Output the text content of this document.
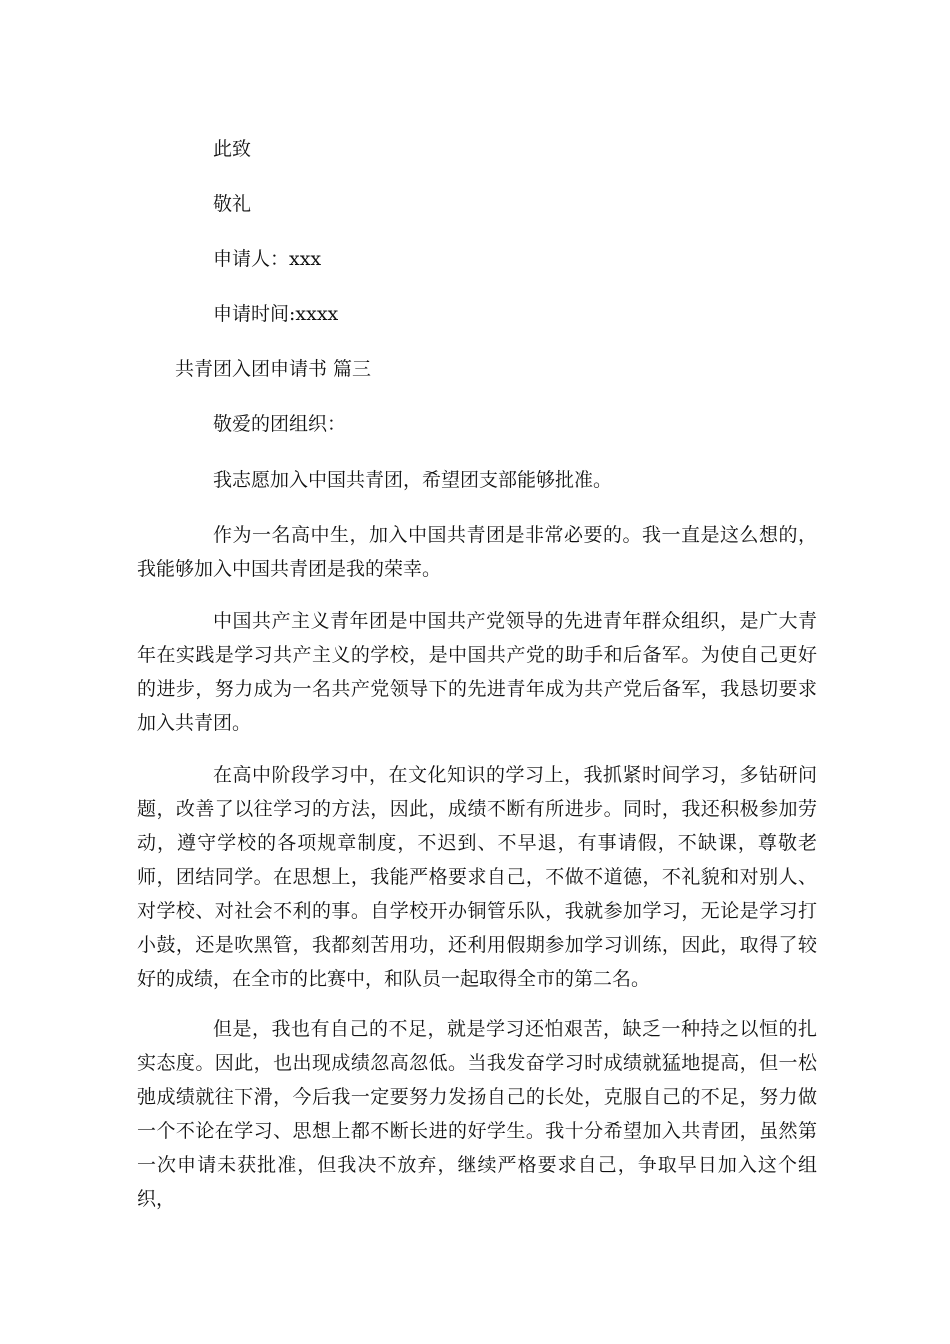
此致

敬礼

申请人：xxx

申请时间:xxxx

共青团入团申请书 篇三

敬爱的团组织：

我志愿加入中国共青团，希望团支部能够批准。

作为一名高中生，加入中国共青团是非常必要的。我一直是这么想的，我能够加入中国共青团是我的荣幸。

中国共产主义青年团是中国共产党领导的先进青年群众组织，是广大青年在实践是学习共产主义的学校，是中国共产党的助手和后备军。为使自己更好的进步，努力成为一名共产党领导下的先进青年成为共产党后备军，我恳切要求加入共青团。

在高中阶段学习中，在文化知识的学习上，我抓紧时间学习，多钻研问题，改善了以往学习的方法，因此，成绩不断有所进步。同时，我还积极参加劳动，遵守学校的各项规章制度，不迟到、不早退，有事请假，不缺课，尊敬老师，团结同学。在思想上，我能严格要求自己，不做不道德，不礼貌和对别人、对学校、对社会不利的事。自学校开办铜管乐队，我就参加学习，无论是学习打小鼓，还是吹黑管，我都刻苦用功，还利用假期参加学习训练，因此，取得了较好的成绩，在全市的比赛中，和队员一起取得全市的第二名。

但是，我也有自己的不足，就是学习还怕艰苦，缺乏一种持之以恒的扎实态度。因此，也出现成绩忽高忽低。当我发奋学习时成绩就猛地提高，但一松弛成绩就往下滑，今后我一定要努力发扬自己的长处，克服自己的不足，努力做一个不论在学习、思想上都不断长进的好学生。我十分希望加入共青团，虽然第一次申请未获批准，但我决不放弃，继续严格要求自己，争取早日加入这个组织，
